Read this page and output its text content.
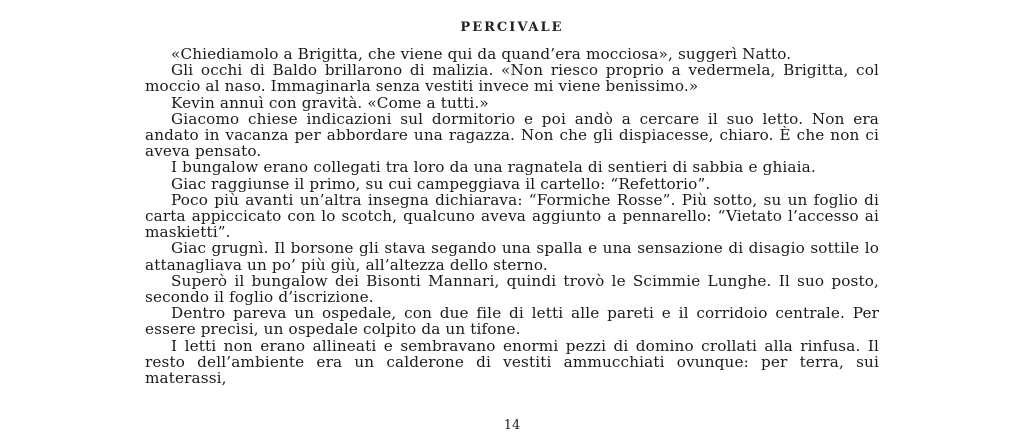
PERCIVALE

«Chiediamolo a Brigitta, che viene qui da quand’era mocciosa», suggerì Natto.

Gli occhi di Baldo brillarono di malizia. «Non riesco proprio a vedermela, Brigitta, col moccio al naso. Immaginarla senza vestiti invece mi viene benissimo.»

Kevin annuì con gravità. «Come a tutti.»

Giacomo chiese indicazioni sul dormitorio e poi andò a cercare il suo letto. Non era andato in vacanza per abbordare una ragazza. Non che gli dispiacesse, chiaro. È che non ci aveva pensato.

I bungalow erano collegati tra loro da una ragnatela di sentieri di sabbia e ghiaia.

Giac raggiunse il primo, su cui campeggiava il cartello: “Refettorio”.

Poco più avanti un’altra insegna dichiarava: “Formiche Rosse”. Più sotto, su un foglio di carta appiccicato con lo scotch, qualcuno aveva aggiunto a pennarello: “Vietato l’accesso ai maskietti”.

Giac grugnì. Il borsone gli stava segando una spalla e una sensazione di disagio sottile lo attanagliava un po’ più giù, all’altezza dello sterno.

Superò il bungalow dei Bisonti Mannari, quindi trovò le Scimmie Lunghe. Il suo posto, secondo il foglio d’iscrizione.

Dentro pareva un ospedale, con due file di letti alle pareti e il corridoio centrale. Per essere precisi, un ospedale colpito da un tifone.

I letti non erano allineati e sembravano enormi pezzi di domino crollati alla rinfusa. Il resto dell’ambiente era un calderone di vestiti ammucchiati ovunque: per terra, sui materassi,

14
